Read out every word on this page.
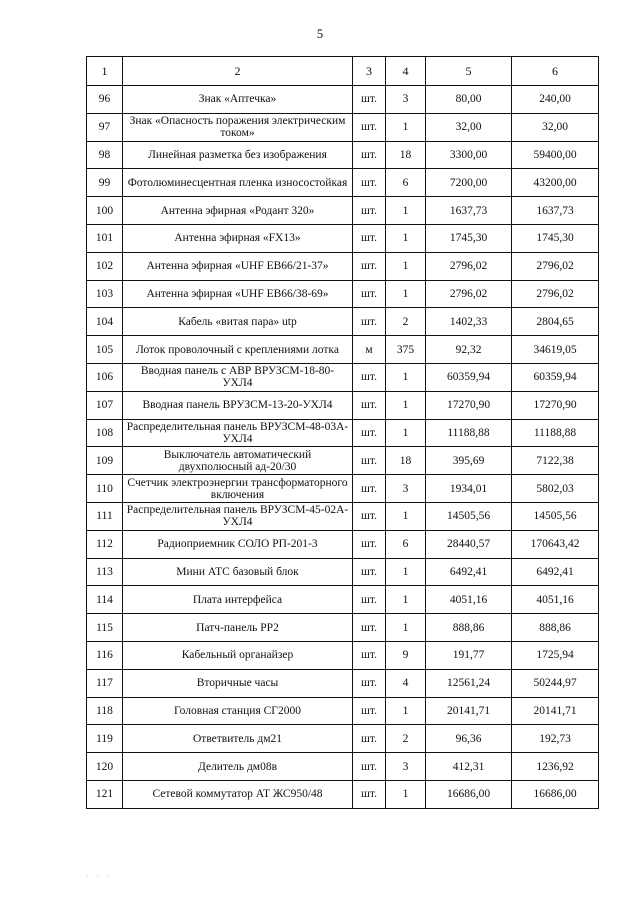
5
1	2	3	4	5	6
96	Знак «Аптечка»	шт.	3	80,00	240,00
97	Знак «Опасность поражения электрическим током»	шт.	1	32,00	32,00
98	Линейная разметка без изображения	шт.	18	3300,00	59400,00
99	Фотолюминесцентная пленка износостойкая	шт.	6	7200,00	43200,00
100	Антенна эфирная «Родант 320»	шт.	1	1637,73	1637,73
101	Антенна эфирная «FX13»	шт.	1	1745,30	1745,30
102	Антенна эфирная «UHF EB66/21-37»	шт.	1	2796,02	2796,02
103	Антенна эфирная «UHF EB66/38-69»	шт.	1	2796,02	2796,02
104	Кабель «витая пара» utp	шт.	2	1402,33	2804,65
105	Лоток проволочный с креплениями лотка	м	375	92,32	34619,05
106	Вводная панель с АВР ВРУЗСМ-18-80-УХЛ4	шт.	1	60359,94	60359,94
107	Вводная панель ВРУЗСМ-13-20-УХЛ4	шт.	1	17270,90	17270,90
108	Распределительная панель ВРУЗСМ-48-03А-УХЛ4	шт.	1	11188,88	11188,88
109	Выключатель автоматический двухполюсный ад-20/30	шт.	18	395,69	7122,38
110	Счетчик электроэнергии трансформаторного включения	шт.	3	1934,01	5802,03
111	Распределительная панель ВРУЗСМ-45-02А-УХЛ4	шт.	1	14505,56	14505,56
112	Радиоприемник СОЛО РП-201-3	шт.	6	28440,57	170643,42
113	Мини АТС базовый блок	шт.	1	6492,41	6492,41
114	Плата интерфейса	шт.	1	4051,16	4051,16
115	Патч-панель PP2	шт.	1	888,86	888,86
116	Кабельный органайзер	шт.	9	191,77	1725,94
117	Вторичные часы	шт.	4	12561,24	50244,97
118	Головная станция СГ2000	шт.	1	20141,71	20141,71
119	Ответвитель дм21	шт.	2	96,36	192,73
120	Делитель дм08в	шт.	3	412,31	1236,92
121	Сетевой коммутатор АТ ЖС950/48	шт.	1	16686,00	16686,00
· · ·
